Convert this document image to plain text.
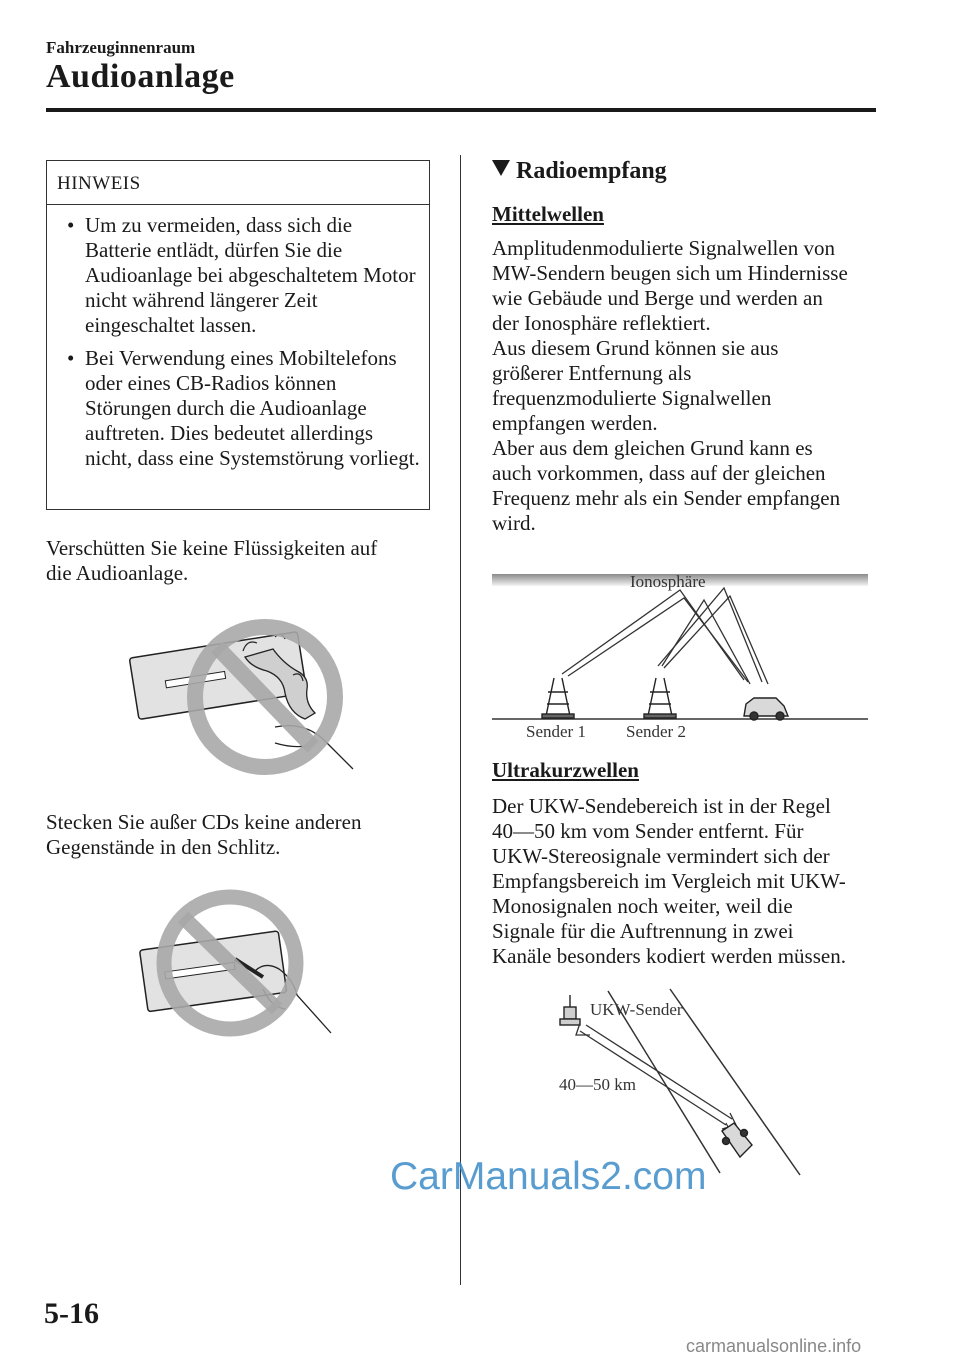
Fahrzeuginnenraum
Audioanlage
HINWEIS
• Um zu vermeiden, dass sich die Batterie entlädt, dürfen Sie die Audioanlage bei abgeschaltetem Motor nicht während längerer Zeit eingeschaltet lassen.
• Bei Verwendung eines Mobiltelefons oder eines CB-Radios können Störungen durch die Audioanlage auftreten. Dies bedeutet allerdings nicht, dass eine Systemstörung vorliegt.
Verschütten Sie keine Flüssigkeiten auf
die Audioanlage.
Stecken Sie außer CDs keine anderen
Gegenstände in den Schlitz.
Radioempfang
Mittelwellen
Amplitudenmodulierte Signalwellen von
MW-Sendern beugen sich um Hindernisse
wie Gebäude und Berge und werden an
der Ionosphäre reflektiert.
Aus diesem Grund können sie aus
größerer Entfernung als
frequenzmodulierte Signalwellen
empfangen werden.
Aber aus dem gleichen Grund kann es
auch vorkommen, dass auf der gleichen
Frequenz mehr als ein Sender empfangen
wird.
Ionosphäre
Sender 1 Sender 2
Ultrakurzwellen
Der UKW-Sendebereich ist in der Regel
40―50 km vom Sender entfernt. Für
UKW-Stereosignale vermindert sich der
Empfangsbereich im Vergleich mit UKW-
Monosignalen noch weiter, weil die
Signale für die Auftrennung in zwei
Kanäle besonders kodiert werden müssen.
UKW-Sender
40―50 km
CarManuals2.com
5-16
carmanualsonline.info
